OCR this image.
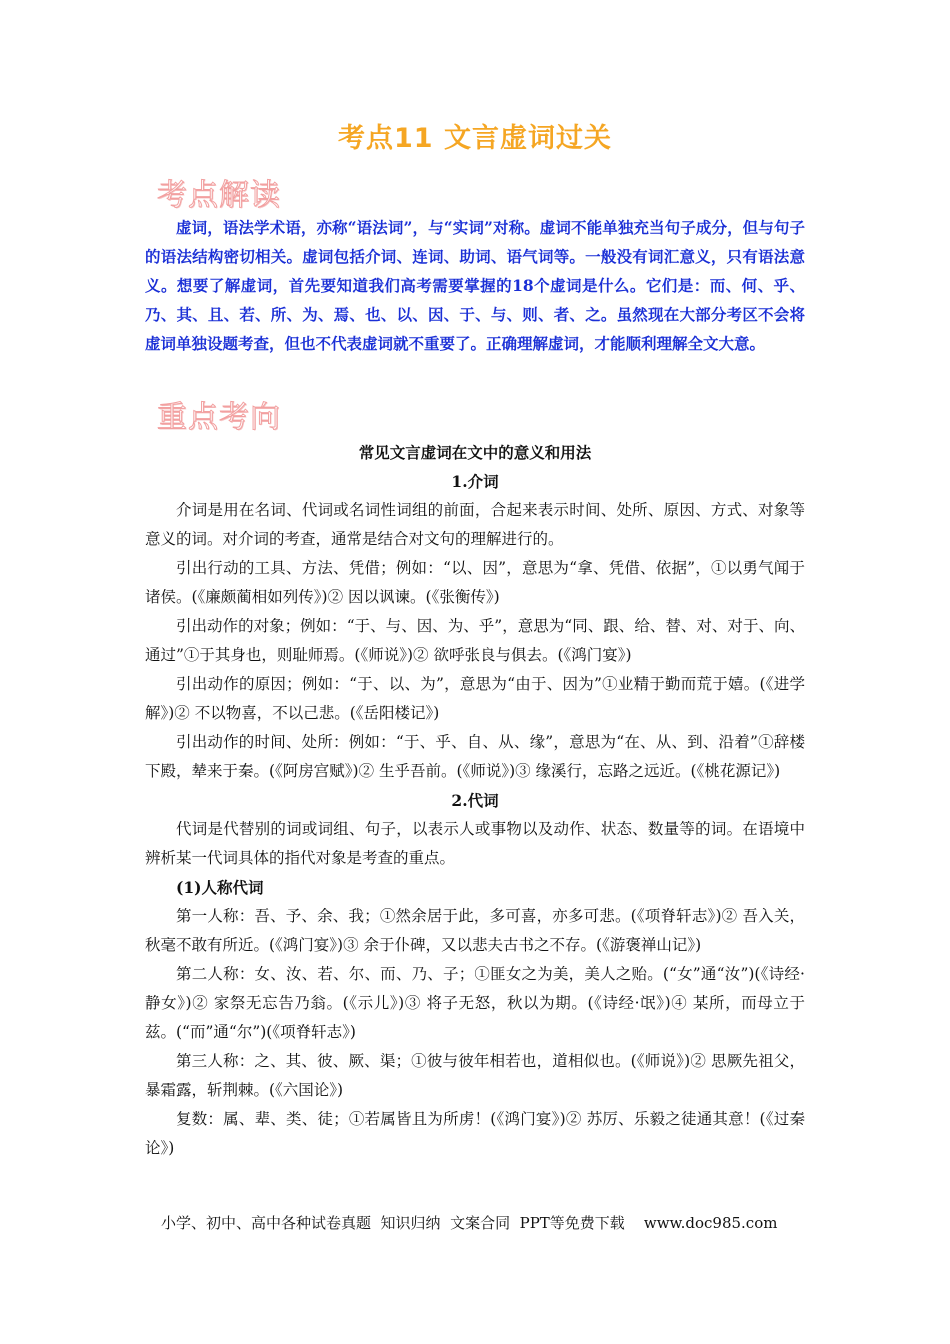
考点11 文言虚词过关
考点解读

虚词，语法学术语，亦称“语法词”，与“实词”对称。虚词不能单独充当句子成分，但与句子的语法结构密切相关。虚词包括介词、连词、助词、语气词等。一般没有词汇意义，只有语法意义。想要了解虚词，首先要知道我们高考需要掌握的18个虚词是什么。它们是：而、何、乎、乃、其、且、若、所、为、焉、也、以、因、于、与、则、者、之。虽然现在大部分考区不会将虚词单独设题考查，但也不代表虚词就不重要了。正确理解虚词，才能顺利理解全文大意。

重点考向

常见文言虚词在文中的意义和用法

1.介词

介词是用在名词、代词或名词性词组的前面，合起来表示时间、处所、原因、方式、对象等意义的词。对介词的考查，通常是结合对文句的理解进行的。

引出行动的工具、方法、凭借；例如：“以、因”，意思为“拿、凭借、依据”，①以勇气闻于诸侯。(《廉颇蔺相如列传》)② 因以讽谏。(《张衡传》)

引出动作的对象；例如：“于、与、因、为、乎”，意思为“同、跟、给、替、对、对于、向、通过”①于其身也，则耻师焉。(《师说》)② 欲呼张良与俱去。(《鸿门宴》)

引出动作的原因；例如：“于、以、为”，意思为“由于、因为”①业精于勤而荒于嬉。(《进学解》)② 不以物喜，不以己悲。(《岳阳楼记》)

引出动作的时间、处所：例如：“于、乎、自、从、缘”，意思为“在、从、到、沿着”①辞楼下殿，辇来于秦。(《阿房宫赋》)② 生乎吾前。(《师说》)③ 缘溪行，忘路之远近。(《桃花源记》)

2.代词

代词是代替别的词或词组、句子，以表示人或事物以及动作、状态、数量等的词。在语境中辨析某一代词具体的指代对象是考查的重点。

(1)人称代词

第一人称：吾、予、余、我；①然余居于此，多可喜，亦多可悲。(《项脊轩志》)② 吾入关，秋毫不敢有所近。(《鸿门宴》)③ 余于仆碑，又以悲夫古书之不存。(《游褒禅山记》)

第二人称：女、汝、若、尔、而、乃、子；①匪女之为美，美人之贻。(“女”通“汝”)(《诗经·静女》)② 家祭无忘告乃翁。(《示儿》)③ 将子无怒，秋以为期。(《诗经·氓》)④ 某所，而母立于兹。(“而”通“尔”)(《项脊轩志》)

第三人称：之、其、彼、厥、渠；①彼与彼年相若也，道相似也。(《师说》)② 思厥先祖父，暴霜露，斩荆棘。(《六国论》)

复数：属、辈、类、徒；①若属皆且为所虏！(《鸿门宴》)② 苏厉、乐毅之徒通其意！(《过秦论》)

小学、初中、高中各种试卷真题  知识归纳  文案合同  PPT等免费下载    www.doc985.com
